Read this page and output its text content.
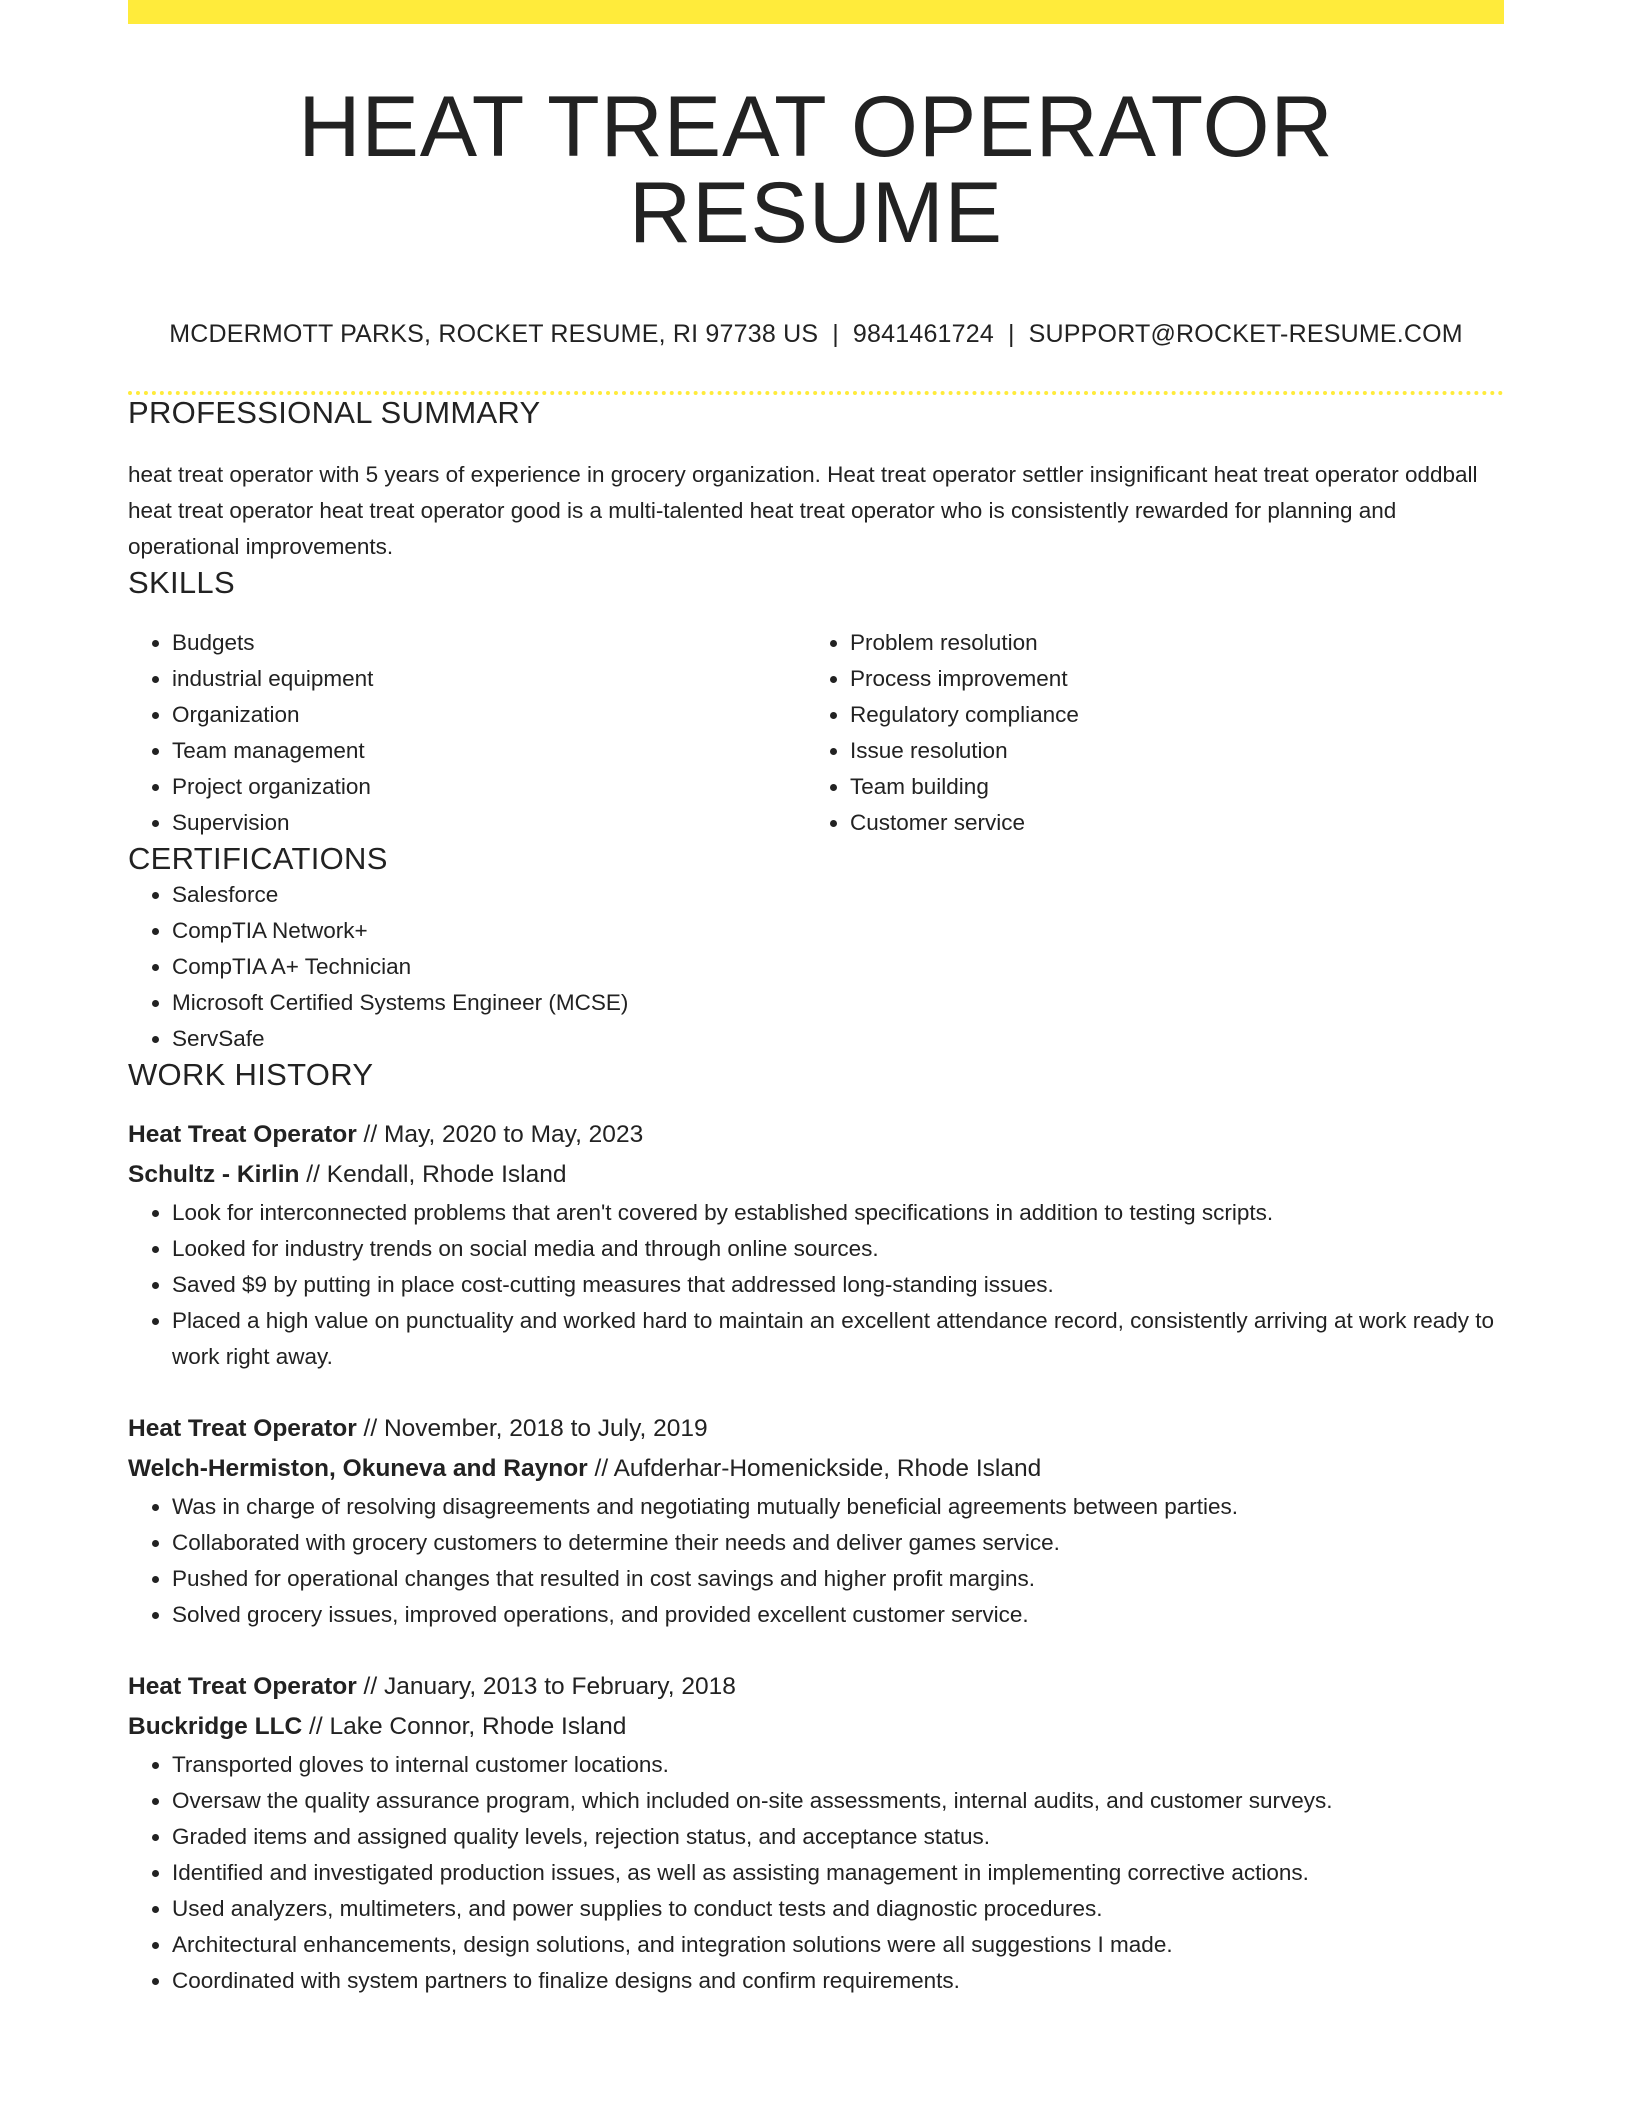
HEAT TREAT OPERATOR RESUME
MCDERMOTT PARKS, ROCKET RESUME, RI 97738 US | 9841461724 | SUPPORT@ROCKET-RESUME.COM
PROFESSIONAL SUMMARY

heat treat operator with 5 years of experience in grocery organization. Heat treat operator settler insignificant heat treat operator oddball heat treat operator heat treat operator good is a multi-talented heat treat operator who is consistently rewarded for planning and operational improvements.

SKILLS
• Budgets
• industrial equipment
• Organization
• Team management
• Project organization
• Supervision
• Problem resolution
• Process improvement
• Regulatory compliance
• Issue resolution
• Team building
• Customer service
CERTIFICATIONS
• Salesforce
• CompTIA Network+
• CompTIA A+ Technician
• Microsoft Certified Systems Engineer (MCSE)
• ServSafe
WORK HISTORY
Heat Treat Operator // May, 2020 to May, 2023
Schultz - Kirlin // Kendall, Rhode Island
• Look for interconnected problems that aren't covered by established specifications in addition to testing scripts.
• Looked for industry trends on social media and through online sources.
• Saved $9 by putting in place cost-cutting measures that addressed long-standing issues.
• Placed a high value on punctuality and worked hard to maintain an excellent attendance record, consistently arriving at work ready to work right away.
Heat Treat Operator // November, 2018 to July, 2019
Welch-Hermiston, Okuneva and Raynor // Aufderhar-Homenickside, Rhode Island
• Was in charge of resolving disagreements and negotiating mutually beneficial agreements between parties.
• Collaborated with grocery customers to determine their needs and deliver games service.
• Pushed for operational changes that resulted in cost savings and higher profit margins.
• Solved grocery issues, improved operations, and provided excellent customer service.
Heat Treat Operator // January, 2013 to February, 2018
Buckridge LLC // Lake Connor, Rhode Island
• Transported gloves to internal customer locations.
• Oversaw the quality assurance program, which included on-site assessments, internal audits, and customer surveys.
• Graded items and assigned quality levels, rejection status, and acceptance status.
• Identified and investigated production issues, as well as assisting management in implementing corrective actions.
• Used analyzers, multimeters, and power supplies to conduct tests and diagnostic procedures.
• Architectural enhancements, design solutions, and integration solutions were all suggestions I made.
• Coordinated with system partners to finalize designs and confirm requirements.
